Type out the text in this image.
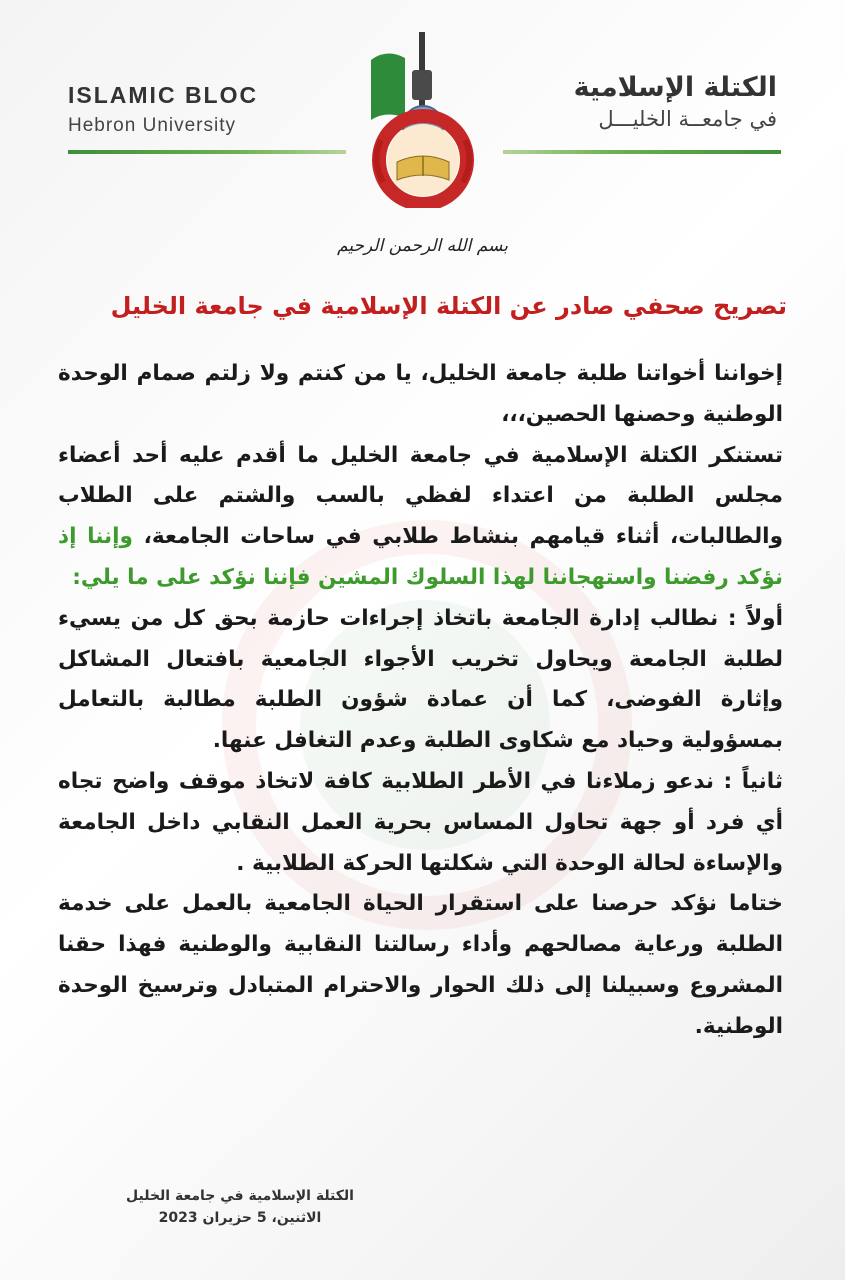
ISLAMIC BLOC
Hebron University
الكتلة الإسلامية
في جامعــة الخليـــل
بسم الله الرحمن الرحيم
تصريح صحفي صادر عن الكتلة الإسلامية في جامعة الخليل

إخواننا أخواتنا طلبة جامعة الخليل، يا من كنتم ولا زلتم صمام الوحدة الوطنية وحصنها الحصين،،،

تستنكر الكتلة الإسلامية في جامعة الخليل ما أقدم عليه أحد أعضاء مجلس الطلبة من اعتداء لفظي بالسب والشتم على الطلاب والطالبات، أثناء قيامهم بنشاط طلابي في ساحات الجامعة، وإننا إذ نؤكد رفضنا واستهجاننا لهذا السلوك المشين فإننا نؤكد على ما يلي:

أولاً : نطالب إدارة الجامعة باتخاذ إجراءات حازمة بحق كل من يسيء لطلبة الجامعة ويحاول تخريب الأجواء الجامعية بافتعال المشاكل وإثارة الفوضى، كما أن عمادة شؤون الطلبة مطالبة بالتعامل بمسؤولية وحياد مع شكاوى الطلبة وعدم التغافل عنها.

ثانياً : ندعو زملاءنا في الأطر الطلابية كافة لاتخاذ موقف واضح تجاه أي فرد أو جهة تحاول المساس بحرية العمل النقابي داخل الجامعة والإساءة لحالة الوحدة التي شكلتها الحركة الطلابية .

ختاما نؤكد حرصنا على استقرار الحياة الجامعية بالعمل على خدمة الطلبة ورعاية مصالحهم وأداء رسالتنا النقابية والوطنية فهذا حقنا المشروع وسبيلنا إلى ذلك الحوار والاحترام المتبادل وترسيخ الوحدة الوطنية.

الكتلة الإسلامية في جامعة الخليل
الاثنين، 5 حزيران 2023
